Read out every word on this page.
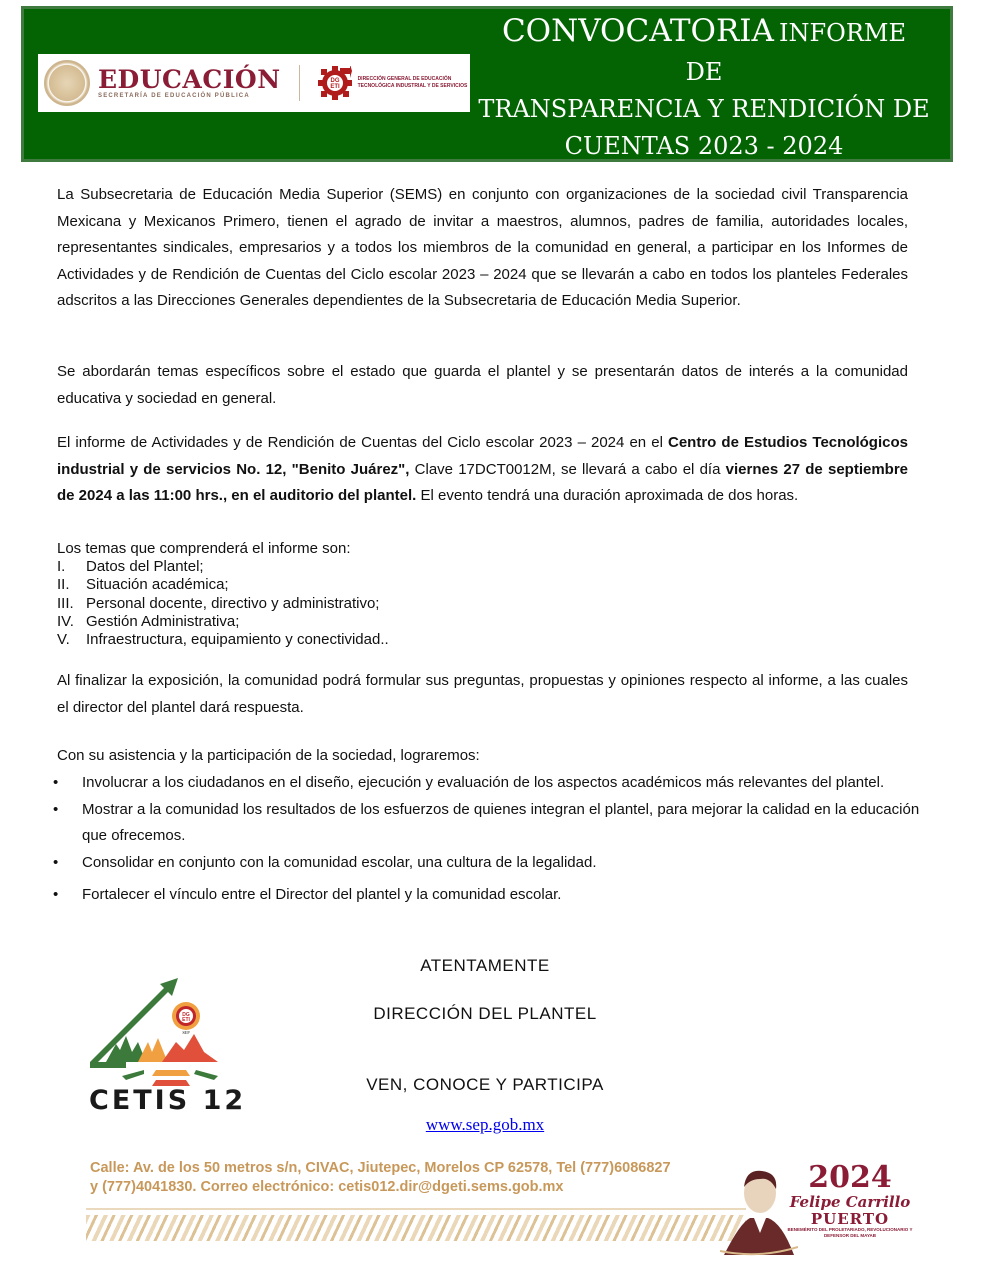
EDUCACIÓN
SECRETARÍA DE EDUCACIÓN PÚBLICA
DG
ETI
DIRECCIÓN GENERAL DE EDUCACIÓN
TECNOLÓGICA INDUSTRIAL Y DE SERVICIOS
CONVOCATORIA INFORME
DE
TRANSPARENCIA Y RENDICIÓN DE
CUENTAS 2023 - 2024

La Subsecretaria de Educación Media Superior (SEMS) en conjunto con organizaciones de la sociedad civil Transparencia Mexicana y Mexicanos Primero, tienen el agrado de invitar a maestros, alumnos, padres de familia, autoridades locales, representantes sindicales, empresarios y a todos los miembros de la comunidad en general, a participar en los Informes de Actividades y de Rendición de Cuentas del Ciclo escolar 2023 – 2024 que se llevarán a cabo en todos los planteles Federales adscritos a las Direcciones Generales dependientes de la Subsecretaria de Educación Media Superior.

Se abordarán temas específicos sobre el estado que guarda el plantel y se presentarán datos de interés a la comunidad educativa y sociedad en general.

El informe de Actividades y de Rendición de Cuentas del Ciclo escolar 2023 – 2024 en el Centro de Estudios Tecnológicos industrial y de servicios No. 12, "Benito Juárez", Clave 17DCT0012M, se llevará a cabo el día viernes 27 de septiembre de 2024 a las 11:00 hrs., en el auditorio del plantel. El evento tendrá una duración aproximada de dos horas.

Los temas que comprenderá el informe son:
I. Datos del Plantel;
II. Situación académica;
III. Personal docente, directivo y administrativo;
IV. Gestión Administrativa;
V. Infraestructura, equipamiento y conectividad..

Al finalizar la exposición, la comunidad podrá formular sus preguntas, propuestas y opiniones respecto al informe, a las cuales el director del plantel dará respuesta.

Con su asistencia y la participación de la sociedad, lograremos:

• Involucrar a los ciudadanos en el diseño, ejecución y evaluación de los aspectos académicos más relevantes del plantel.
• Mostrar a la comunidad los resultados de los esfuerzos de quienes integran el plantel, para mejorar la calidad en la educación que ofrecemos.
• Consolidar en conjunto con la comunidad escolar, una cultura de la legalidad.
• Fortalecer el vínculo entre el Director del plantel y la comunidad escolar.
ATENTAMENTE
DIRECCIÓN DEL PLANTEL
VEN, CONOCE Y PARTICIPA
www.sep.gob.mx
DG
ETI
SEP
CETIS 12
Calle: Av. de los 50 metros s/n, CIVAC, Jiutepec, Morelos CP 62578, Tel (777)6086827
y (777)4041830. Correo electrónico: cetis012.dir@dgeti.sems.gob.mx	2024
Felipe Carrillo
PUERTO
BENEMÉRITO DEL PROLETARIADO, REVOLUCIONARIO Y DEFENSOR DEL MAYAB
